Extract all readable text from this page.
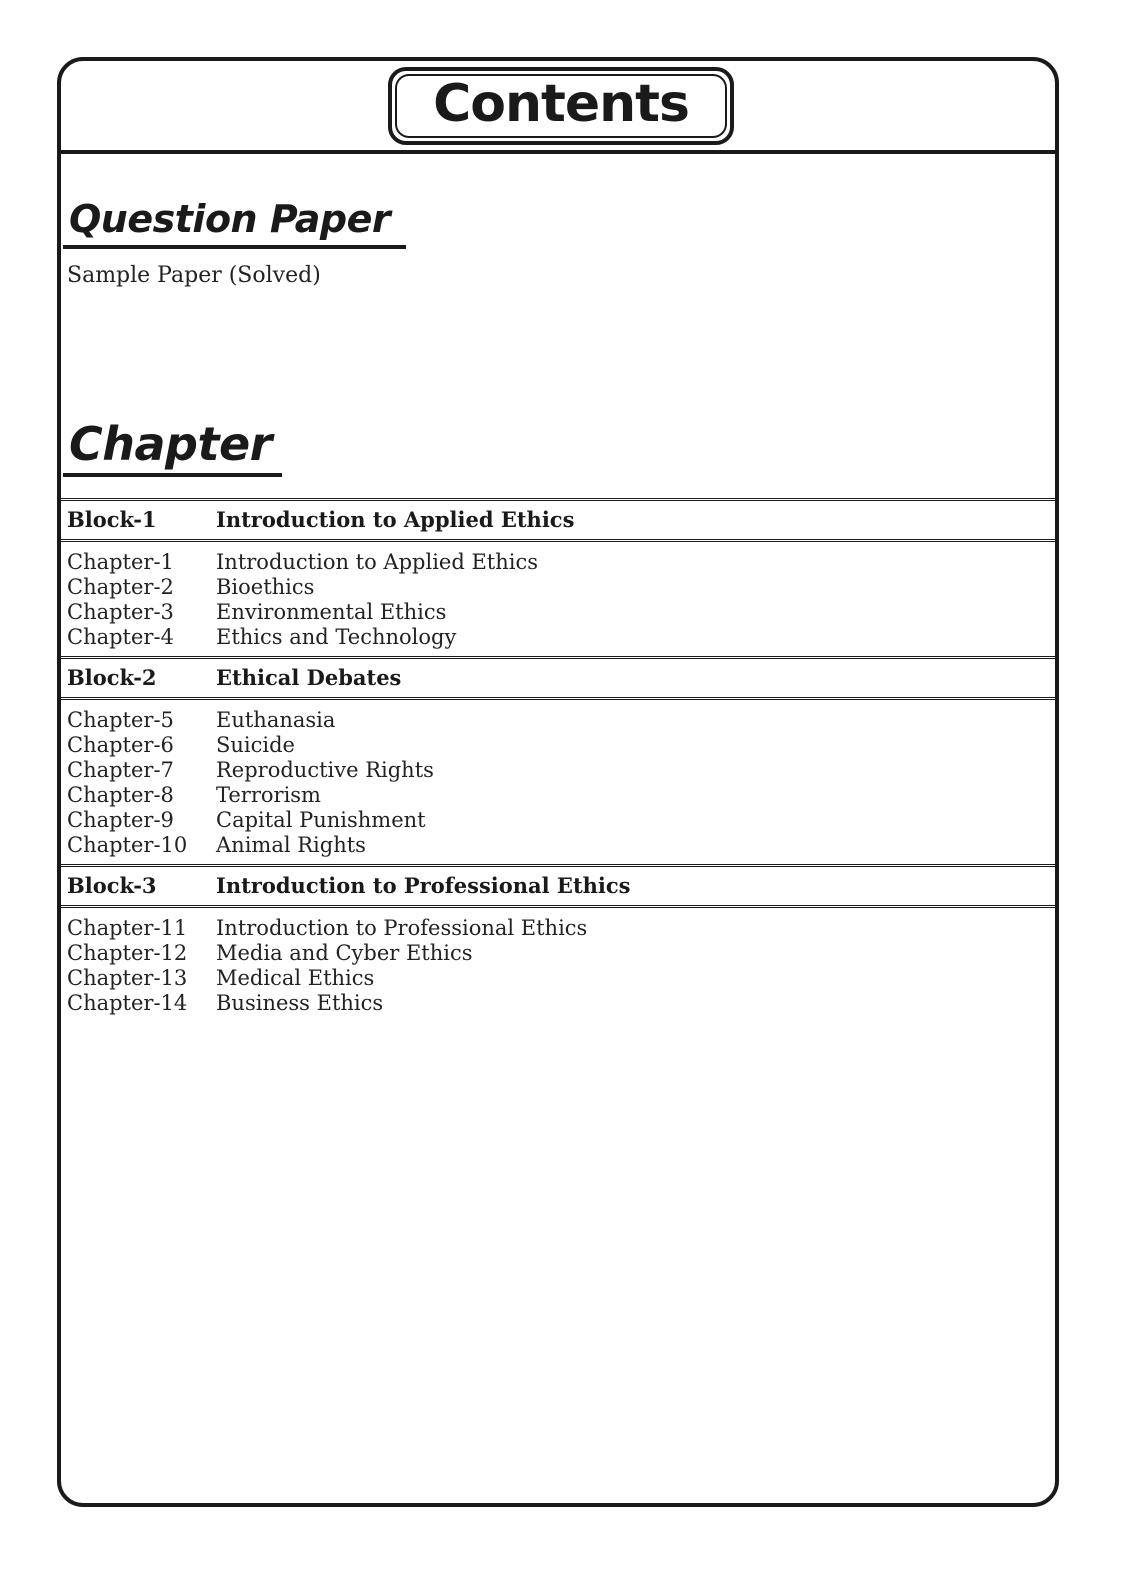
Contents
Question Paper
Sample Paper (Solved)
Chapter
Block-1	Introduction to Applied Ethics
Chapter-1 Introduction to Applied Ethics
Chapter-2 Bioethics
Chapter-3 Environmental Ethics
Chapter-4 Ethics and Technology
Block-2	Ethical Debates
Chapter-5 Euthanasia
Chapter-6 Suicide
Chapter-7 Reproductive Rights
Chapter-8 Terrorism
Chapter-9 Capital Punishment
Chapter-10 Animal Rights
Block-3	Introduction to Professional Ethics
Chapter-11 Introduction to Professional Ethics
Chapter-12 Media and Cyber Ethics
Chapter-13 Medical Ethics
Chapter-14 Business Ethics
